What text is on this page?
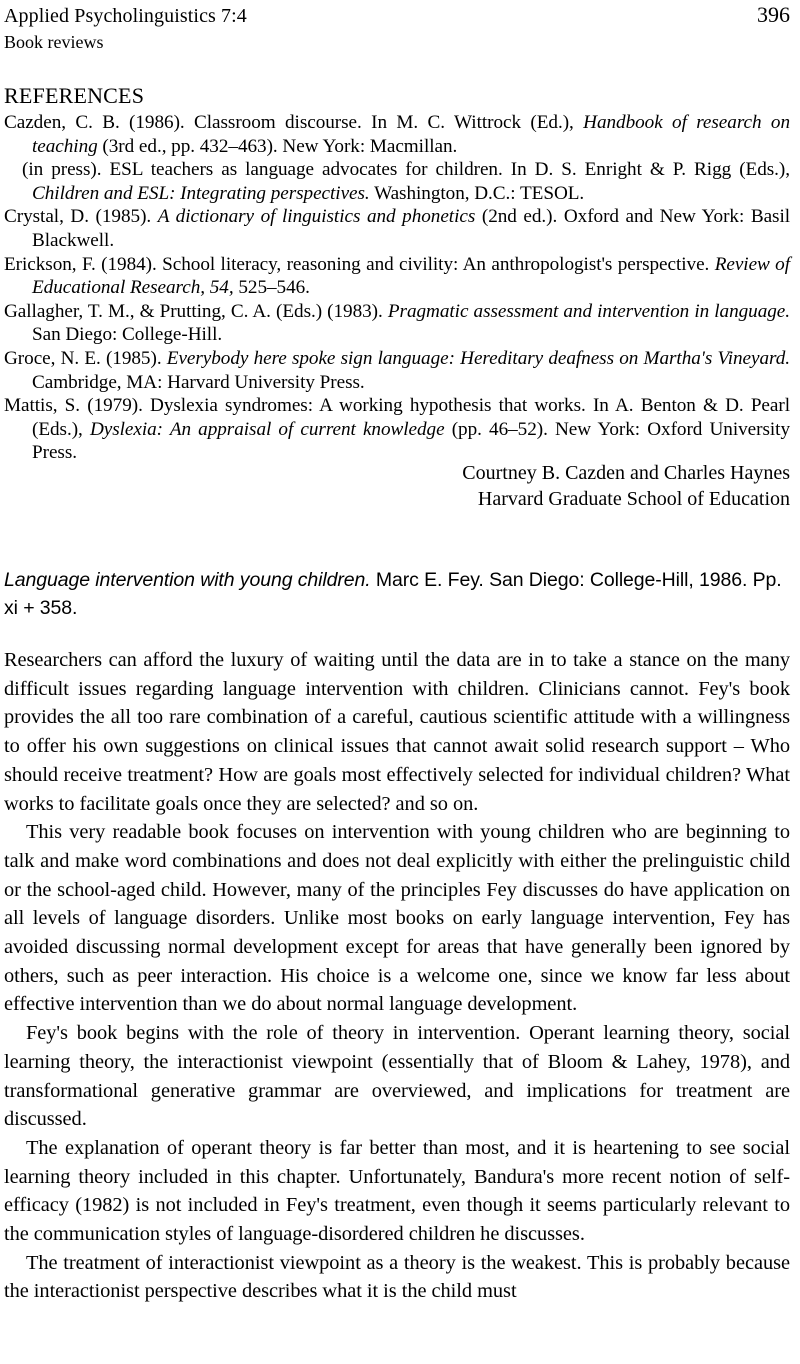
Applied Psycholinguistics 7:4	396
Book reviews
REFERENCES

Cazden, C. B. (1986). Classroom discourse. In M. C. Wittrock (Ed.), Handbook of research on teaching (3rd ed., pp. 432–463). New York: Macmillan.

(in press). ESL teachers as language advocates for children. In D. S. Enright & P. Rigg (Eds.), Children and ESL: Integrating perspectives. Washington, D.C.: TESOL.

Crystal, D. (1985). A dictionary of linguistics and phonetics (2nd ed.). Oxford and New York: Basil Blackwell.

Erickson, F. (1984). School literacy, reasoning and civility: An anthropologist's perspective. Review of Educational Research, 54, 525–546.

Gallagher, T. M., & Prutting, C. A. (Eds.) (1983). Pragmatic assessment and intervention in language. San Diego: College-Hill.

Groce, N. E. (1985). Everybody here spoke sign language: Hereditary deafness on Martha's Vineyard. Cambridge, MA: Harvard University Press.

Mattis, S. (1979). Dyslexia syndromes: A working hypothesis that works. In A. Benton & D. Pearl (Eds.), Dyslexia: An appraisal of current knowledge (pp. 46–52). New York: Oxford University Press.

Courtney B. Cazden and Charles Haynes
Harvard Graduate School of Education
Language intervention with young children. Marc E. Fey. San Diego: College-Hill, 1986. Pp. xi + 358.

Researchers can afford the luxury of waiting until the data are in to take a stance on the many difficult issues regarding language intervention with children. Clinicians cannot. Fey's book provides the all too rare combination of a careful, cautious scientific attitude with a willingness to offer his own suggestions on clinical issues that cannot await solid research support – Who should receive treatment? How are goals most effectively selected for individual children? What works to facilitate goals once they are selected? and so on.

This very readable book focuses on intervention with young children who are beginning to talk and make word combinations and does not deal explicitly with either the prelinguistic child or the school-aged child. However, many of the principles Fey discusses do have application on all levels of language disorders. Unlike most books on early language intervention, Fey has avoided discussing normal development except for areas that have generally been ignored by others, such as peer interaction. His choice is a welcome one, since we know far less about effective intervention than we do about normal language development.

Fey's book begins with the role of theory in intervention. Operant learning theory, social learning theory, the interactionist viewpoint (essentially that of Bloom & Lahey, 1978), and transformational generative grammar are overviewed, and implications for treatment are discussed.

The explanation of operant theory is far better than most, and it is heartening to see social learning theory included in this chapter. Unfortunately, Bandura's more recent notion of self-efficacy (1982) is not included in Fey's treatment, even though it seems particularly relevant to the communication styles of language-disordered children he discusses.

The treatment of interactionist viewpoint as a theory is the weakest. This is probably because the interactionist perspective describes what it is the child must
